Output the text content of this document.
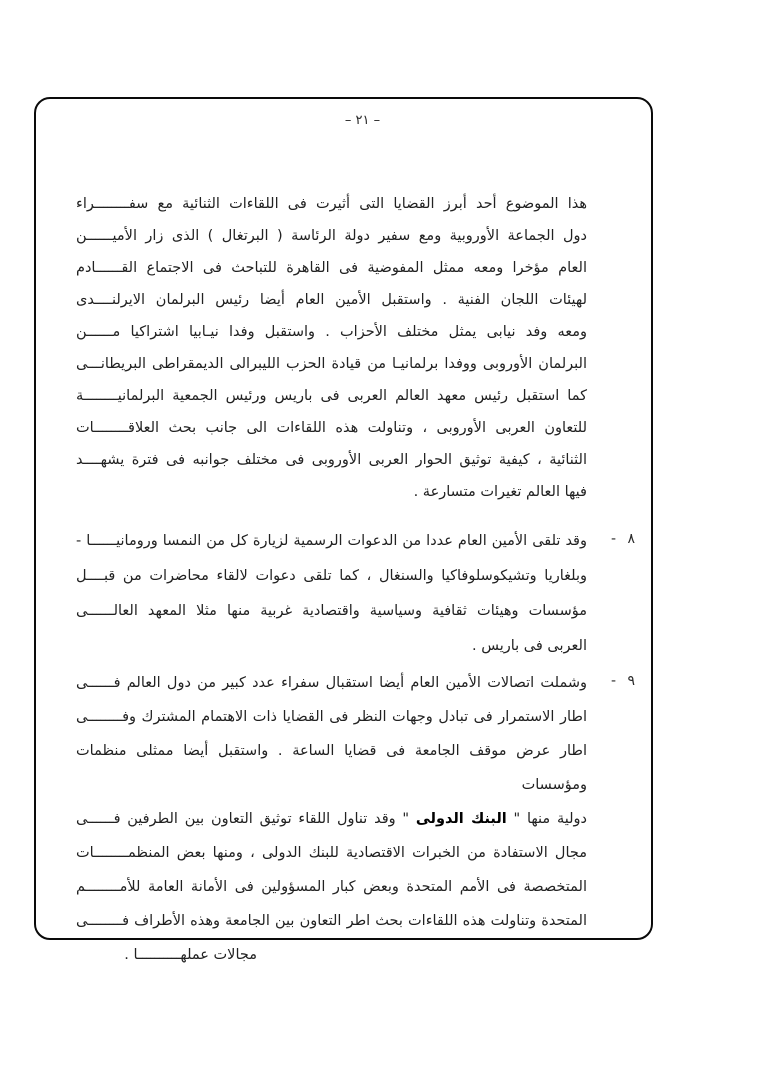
– ٢١ –
هذا الموضوع أحد أبرز القضايا التى أثيرت فى اللقاءات الثنائية مع سفــــــــراء
دول الجماعة الأوروبية ومع سفير دولة الرئاسة ( البرتغال ) الذى زار الأميــــــن
العام مؤخرا ومعه ممثل المفوضية فى القاهرة للتباحث فى الاجتماع القــــــادم
لهيئات اللجان الفنية . واستقبل الأمين العام أيضا رئيس البرلمان الايرلنــــدى
ومعه وفد نيابى يمثل مختلف الأحزاب . واستقبل وفدا نيـابيا اشتراكيا مــــــن
البرلمان الأوروبى ووفدا برلمانيـا من قيادة الحزب الليبرالى الديمقراطى البريطانـــى
كما استقبل رئيس معهد العالم العربى فى باريس ورئيس الجمعية البرلمانيــــــــة
للتعاون العربى الأوروبى ، وتناولت هذه اللقاءات الى جانب بحث العلاقــــــــات
الثنائية ، كيفية توثيق الحوار العربى الأوروبى فى مختلف جوانبه فى فترة يشهــــد
فيها العالم تغيرات متسارعة .
٨ -
وقد تلقى الأمين العام عددا من الدعوات الرسمية لزيارة كل من النمسا ورومانيــــــا -
وبلغاريا وتشيكوسلوفاكيا والسنغال ، كما تلقى دعوات لالقاء محاضرات من قبــــل
مؤسسات وهيئات ثقافية وسياسية واقتصادية غربية منها مثلا المعهد العالــــــى
العربى فى باريس .
٩ -
وشملت اتصالات الأمين العام أيضا استقبال سفراء عدد كبير من دول العالم فــــــى
اطار الاستمرار فى تبادل وجهات النظر فى القضايا ذات الاهتمام المشترك وفــــــــى
اطار عرض موقف الجامعة فى قضايا الساعة . واستقبل أيضا ممثلى منظمات ومؤسسات
دولية منها " البنك الدولى " وقد تناول اللقاء توثيق التعاون بين الطرفين فــــــى
مجال الاستفادة من الخبرات الاقتصادية للبنك الدولى ، ومنها بعض المنظمــــــــات
المتخصصة فى الأمم المتحدة وبعض كبار المسؤولين فى الأمانة العامة للأمــــــــم
المتحدة وتناولت هذه اللقاءات بحث اطر التعاون بين الجامعة وهذه الأطراف فــــــــى
مجالات عملهــــــــــا .
